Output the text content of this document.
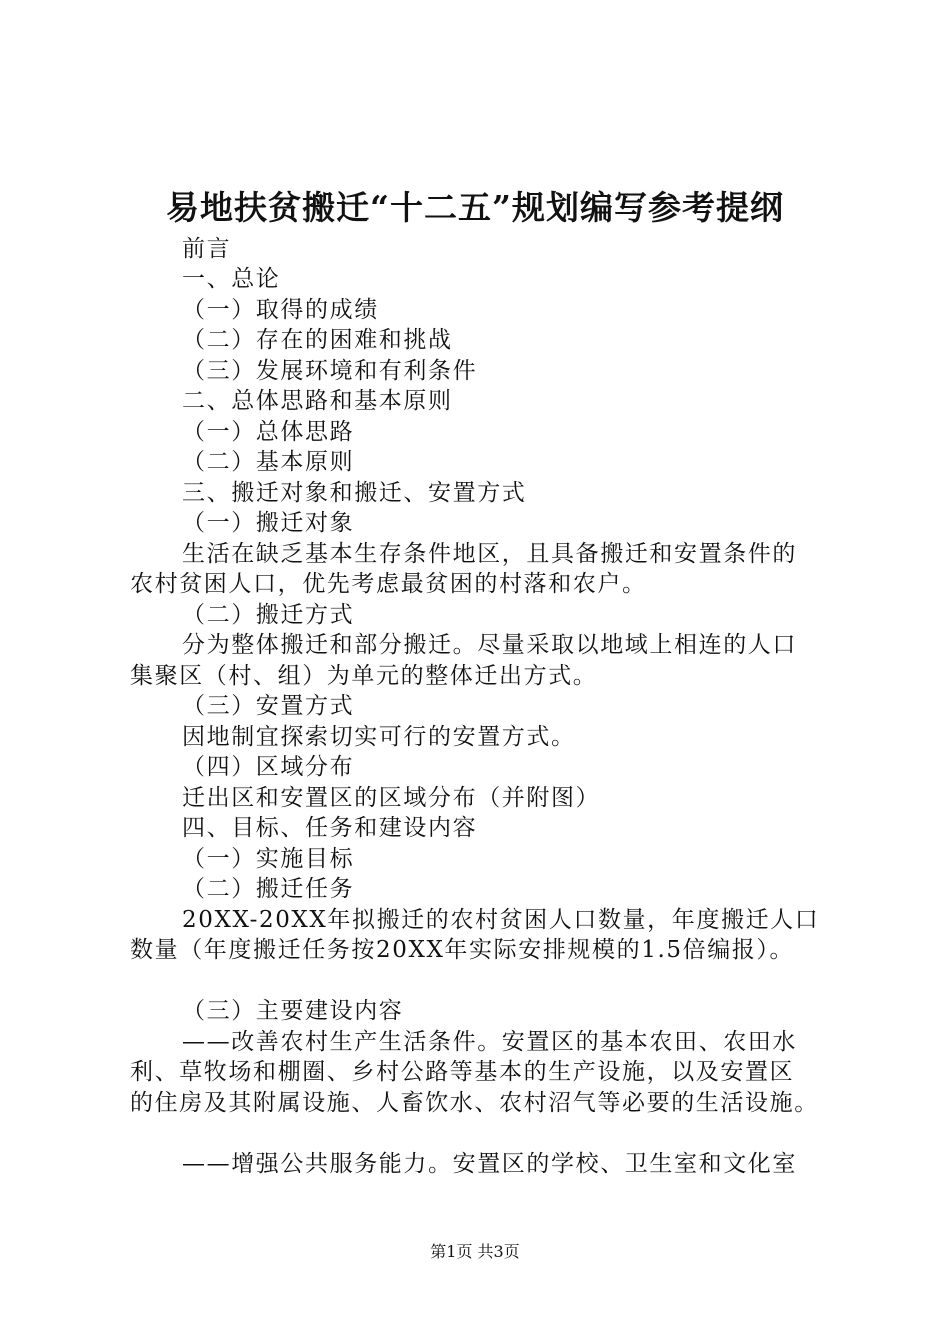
易地扶贫搬迁“十二五”规划编写参考提纲
前言
一、总论
（一）取得的成绩
（二）存在的困难和挑战
（三）发展环境和有利条件
二、总体思路和基本原则
（一）总体思路
（二）基本原则
三、搬迁对象和搬迁、安置方式
（一）搬迁对象
生活在缺乏基本生存条件地区，且具备搬迁和安置条件的
农村贫困人口，优先考虑最贫困的村落和农户。
（二）搬迁方式
分为整体搬迁和部分搬迁。尽量采取以地域上相连的人口
集聚区（村、组）为单元的整体迁出方式。
（三）安置方式
因地制宜探索切实可行的安置方式。
（四）区域分布
迁出区和安置区的区域分布（并附图）
四、目标、任务和建设内容
（一）实施目标
（二）搬迁任务
20XX-20XX年拟搬迁的农村贫困人口数量，年度搬迁人口
数量（年度搬迁任务按20XX年实际安排规模的1.5倍编报）。
（三）主要建设内容
——改善农村生产生活条件。安置区的基本农田、农田水
利、草牧场和棚圈、乡村公路等基本的生产设施，以及安置区
的住房及其附属设施、人畜饮水、农村沼气等必要的生活设施。
——增强公共服务能力。安置区的学校、卫生室和文化室
第1页 共3页
